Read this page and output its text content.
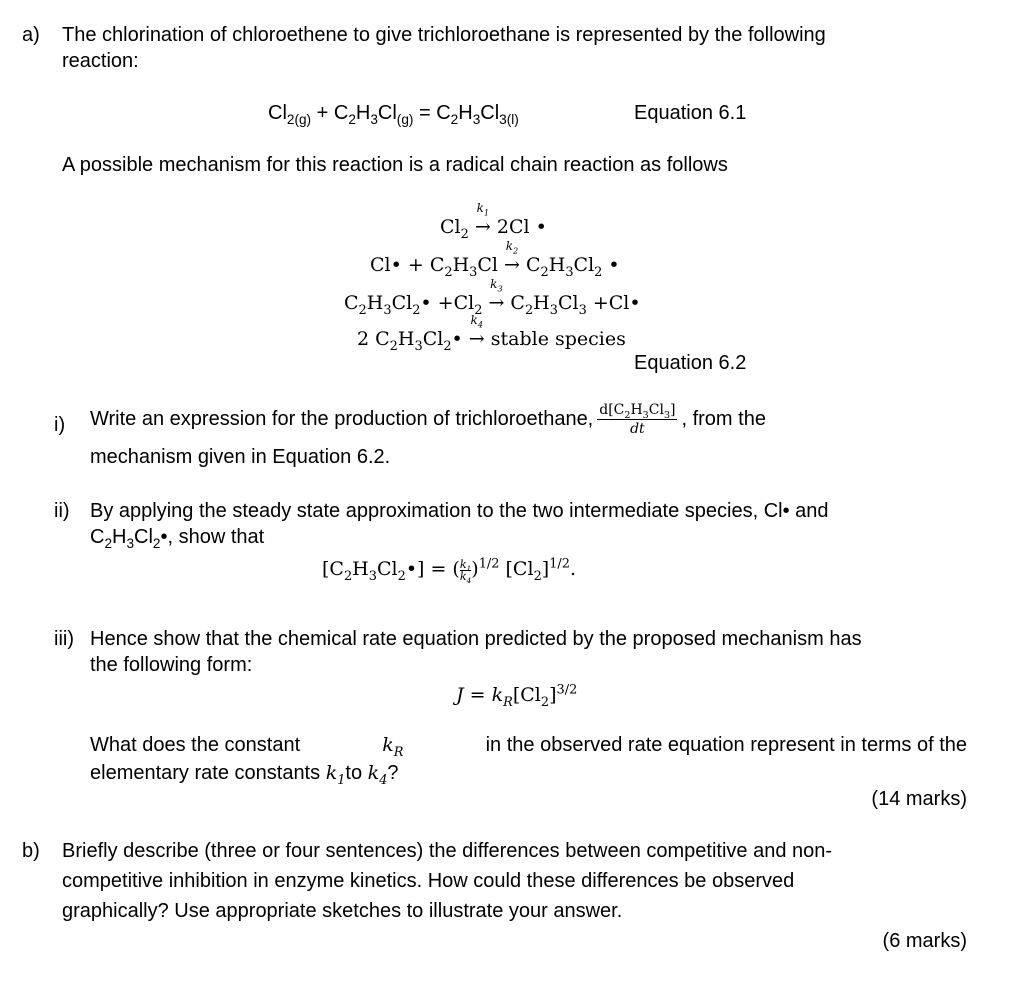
a) The chlorination of chloroethene to give trichloroethane is represented by the following
reaction:
$Cl_{2(g)} + C_2H_3Cl_{(g)} = C_2H_3Cl_{3(l)}$	Equation 6.1
A possible mechanism for this reaction is a radical chain reaction as follows
$Cl_2$ →
$k_1$
2Cl •
Cl• + $C_2H_3Cl$ →
$k_2$
$C_2H_3Cl_2$ •
$C_2H_3Cl_2• +Cl_2$ →
$k_3$
$C_2H_3Cl_3$ +Cl•
2 $C_2H_3Cl_2•$ →
$k_4$
stable species
Equation 6.2
i) Write an expression for the production of trichloroethane, $\frac{d[C_2H_3Cl_3]}{dt}$ , from the
mechanism given in Equation 6.2.
ii) By applying the steady state approximation to the two intermediate species, Cl• and
$C_2H_3Cl_2•$, show that
$[C_2H_3Cl_2•]$ = ( $\frac{k_1}{k_4})^{1/2}$ $[Cl_2]^{1/2}$.
iii) Hence show that the chemical rate equation predicted by the proposed mechanism has
the following form:
$J = k_R[Cl_2]^{3/2}$
What does the constant	$k_R$	in the observed rate equation represent in terms of the
elementary rate constants $k_1to$ $k_4$?
(14 marks)
b) Briefly describe (three or four sentences) the differences between competitive and non-
competitive inhibition in enzyme kinetics. How could these differences be observed
graphically? Use appropriate sketches to illustrate your answer.
(6 marks)
